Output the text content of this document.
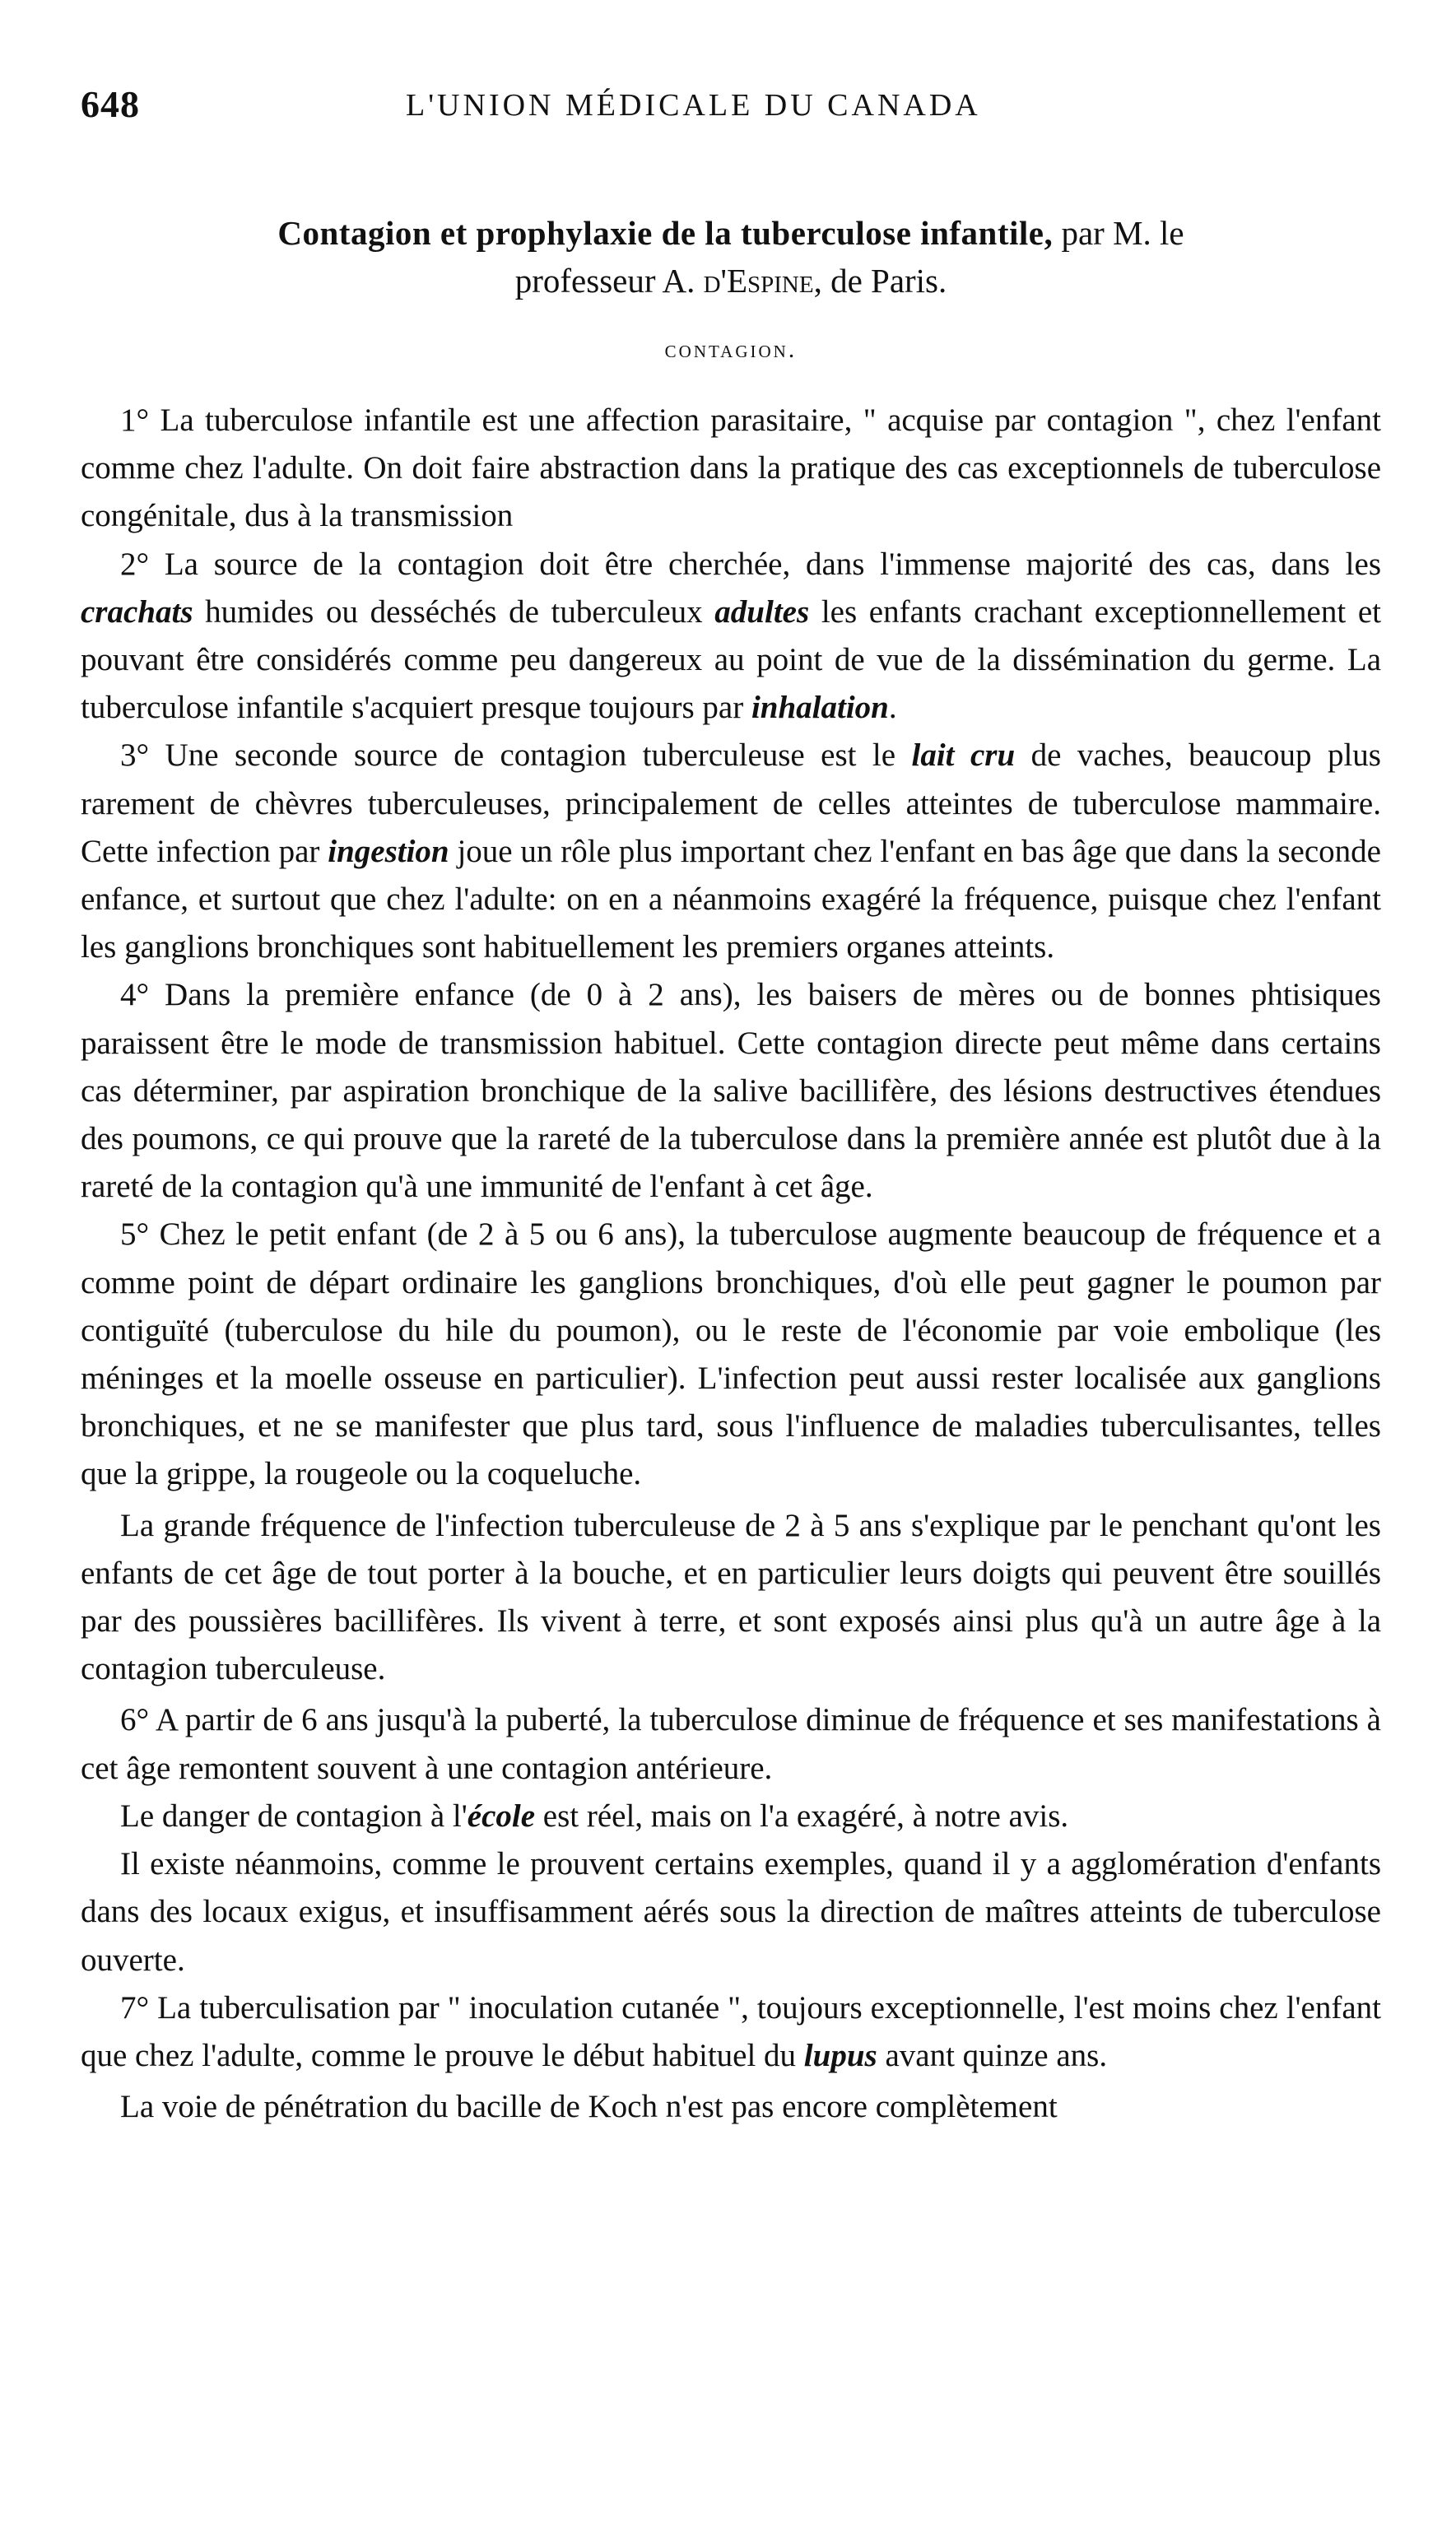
648	L'UNION MÉDICALE DU CANADA
Contagion et prophylaxie de la tuberculose infantile, par M. le
professeur A. d'Espine, de Paris.
contagion.

1° La tuberculose infantile est une affection parasitaire, " acquise par contagion ", chez l'enfant comme chez l'adulte. On doit faire abstraction dans la pratique des cas exceptionnels de tuberculose congénitale, dus à la transmission

2° La source de la contagion doit être cherchée, dans l'immense majorité des cas, dans les crachats humides ou desséchés de tuberculeux adultes les enfants crachant exceptionnellement et pouvant être considérés comme peu dangereux au point de vue de la dissémination du germe. La tuberculose infantile s'acquiert presque toujours par inhalation.

3° Une seconde source de contagion tuberculeuse est le lait cru de vaches, beaucoup plus rarement de chèvres tuberculeuses, principalement de celles atteintes de tuberculose mammaire. Cette infection par ingestion joue un rôle plus important chez l'enfant en bas âge que dans la seconde enfance, et surtout que chez l'adulte: on en a néanmoins exagéré la fréquence, puisque chez l'enfant les ganglions bronchiques sont habituellement les premiers organes atteints.

4° Dans la première enfance (de 0 à 2 ans), les baisers de mères ou de bonnes phtisiques paraissent être le mode de transmission habituel. Cette contagion directe peut même dans certains cas déterminer, par aspiration bronchique de la salive bacillifère, des lésions destructives étendues des poumons, ce qui prouve que la rareté de la tuberculose dans la première année est plutôt due à la rareté de la contagion qu'à une immunité de l'enfant à cet âge.

5° Chez le petit enfant (de 2 à 5 ou 6 ans), la tuberculose augmente beaucoup de fréquence et a comme point de départ ordinaire les ganglions bronchiques, d'où elle peut gagner le poumon par contiguïté (tuberculose du hile du poumon), ou le reste de l'économie par voie embolique (les méninges et la moelle osseuse en particulier). L'infection peut aussi rester localisée aux ganglions bronchiques, et ne se manifester que plus tard, sous l'influence de maladies tuberculisantes, telles que la grippe, la rougeole ou la coqueluche.

La grande fréquence de l'infection tuberculeuse de 2 à 5 ans s'explique par le penchant qu'ont les enfants de cet âge de tout porter à la bouche, et en particulier leurs doigts qui peuvent être souillés par des poussières bacillifères. Ils vivent à terre, et sont exposés ainsi plus qu'à un autre âge à la contagion tuberculeuse.

6° A partir de 6 ans jusqu'à la puberté, la tuberculose diminue de fréquence et ses manifestations à cet âge remontent souvent à une contagion antérieure.

Le danger de contagion à l'école est réel, mais on l'a exagéré, à notre avis.

Il existe néanmoins, comme le prouvent certains exemples, quand il y a agglomération d'enfants dans des locaux exigus, et insuffisamment aérés sous la direction de maîtres atteints de tuberculose ouverte.

7° La tuberculisation par " inoculation cutanée ", toujours exceptionnelle, l'est moins chez l'enfant que chez l'adulte, comme le prouve le début habituel du lupus avant quinze ans.

La voie de pénétration du bacille de Koch n'est pas encore complètement
